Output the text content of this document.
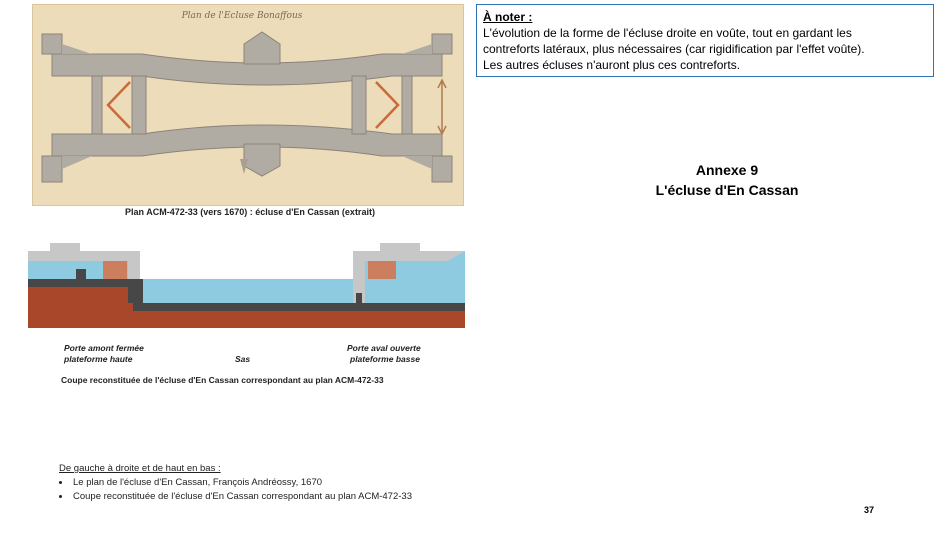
Plan de l'Ecluse Bonaffous
Plan ACM-472-33 (vers 1670) : écluse d'En Cassan (extrait)
Porte amont fermée
plateforme haute	Sas
Porte aval ouverte
plateforme basse
Coupe reconstituée de l'écluse d'En Cassan correspondant au plan ACM-472-33
À noter :
L'évolution de la forme de l'écluse droite en voûte, tout en gardant les
contreforts latéraux, plus nécessaires (car rigidification par l'effet voûte).
Les autres écluses n'auront plus ces contreforts.
Annexe 9
L'écluse d'En Cassan
De gauche à droite et de haut en bas :
• Le plan de l'écluse d'En Cassan, François Andréossy, 1670
• Coupe reconstituée de l'écluse d'En Cassan correspondant au plan ACM-472-33
37
